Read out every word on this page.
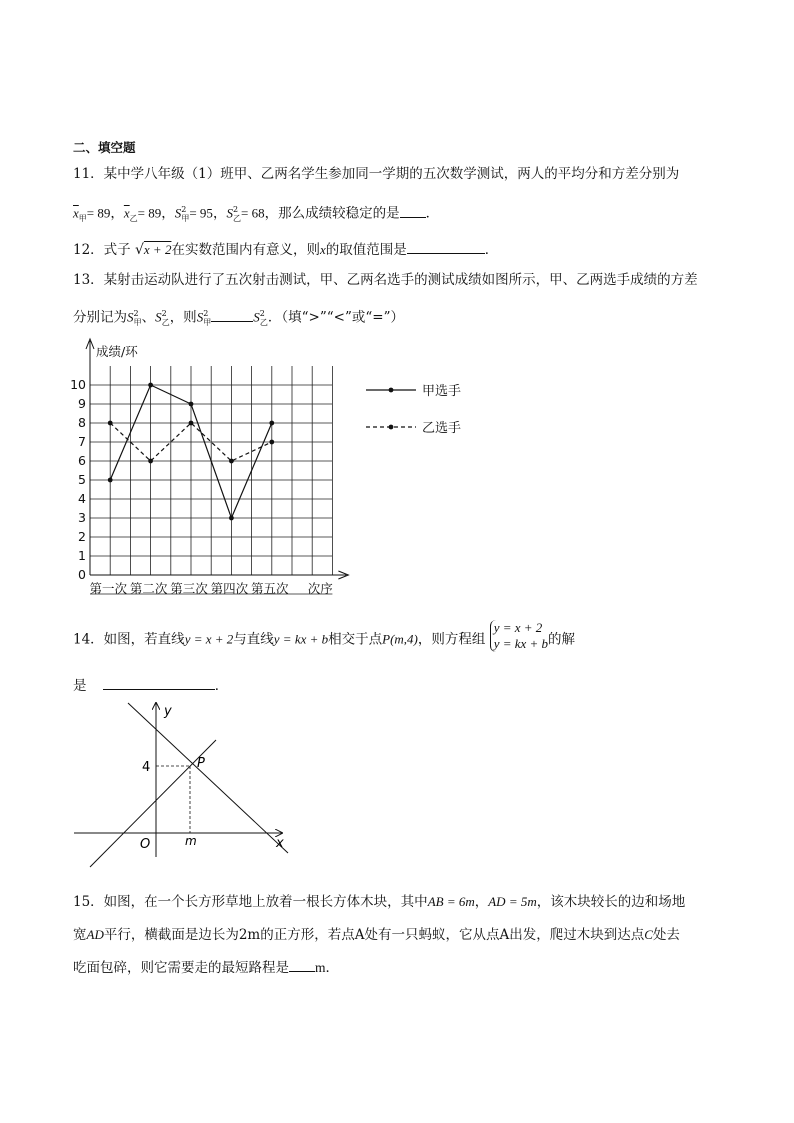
二、填空题
11．某中学八年级（1）班甲、乙两名学生参加同一学期的五次数学测试，两人的平均分和方差分别为
$\overline{x}_甲= 89$，$\overline{x}_乙= 89$，$S^2_甲= 95$，$S^2_乙= 68$，那么成绩较稳定的是 ．
12．式子 √x + 2在实数范围内有意义，则x的取值范围是	．
13．某射击运动队进行了五次射击测试，甲、乙两名选手的测试成绩如图所示，甲、乙两选手成绩的方差
分别记为$S^2_甲$、$S^2_乙$，则$S^2_甲$	$S^2_乙$．（填“>”“<”或“=”）
成绩/环
0
1
2
3
4
5
6
7
8
9
10
第一次 第二次 第三次 第四次 第五次 次序
甲选手
乙选手
14．如图，若直线y = x + 2与直线y = kx + b相交于点P(m,4)，则方程组
y = x + 2
y = kx + b 的解
是	．
y
x
O
4
m
P
15．如图，在一个长方形草地上放着一根长方体木块，其中AB = 6m，AD = 5m，该木块较长的边和场地
宽AD平行，横截面是边长为2m的正方形，若点A处有一只蚂蚁，它从点A出发，爬过木块到达点C处去
吃面包碎，则它需要走的最短路程是 m．
